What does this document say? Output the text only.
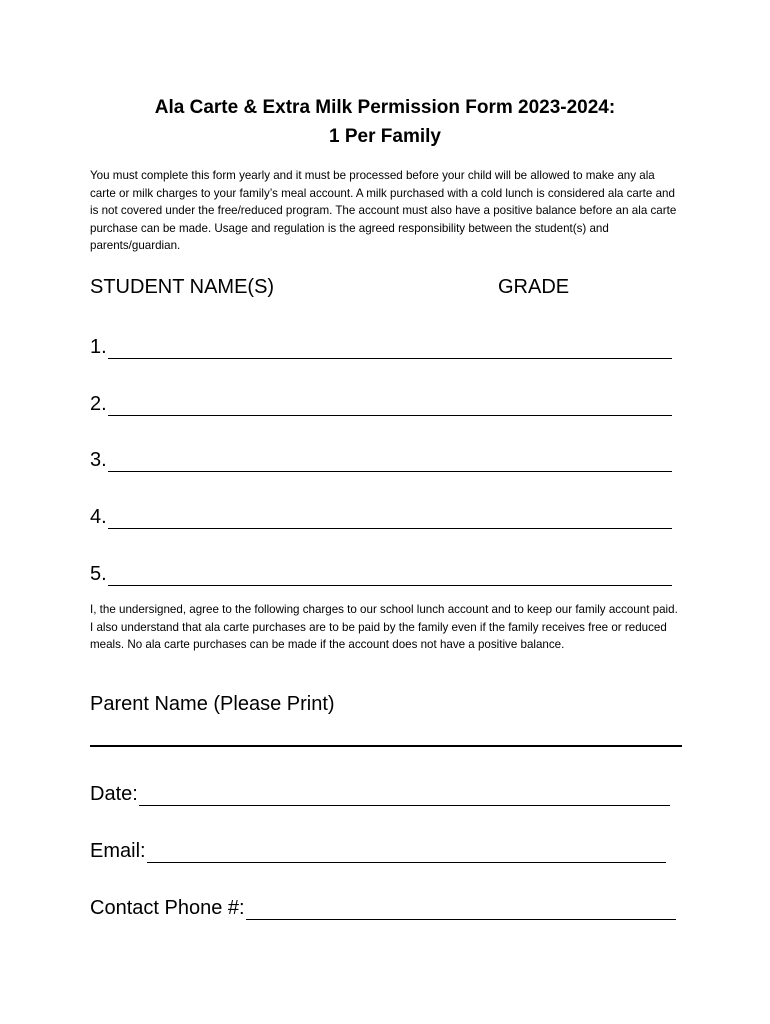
Ala Carte & Extra Milk Permission Form 2023-2024:
1 Per Family

You must complete this form yearly and it must be processed before your child will be allowed to make any ala carte or milk charges to your family’s meal account. A milk purchased with a cold lunch is considered ala carte and is not covered under the free/reduced program. The account must also have a positive balance before an ala carte purchase can be made. Usage and regulation is the agreed responsibility between the student(s) and parents/guardian.

STUDENT NAME(S)	GRADE
1.
2.
3.
4.
5.

I, the undersigned, agree to the following charges to our school lunch account and to keep our family account paid. I also understand that ala carte purchases are to be paid by the family even if the family receives free or reduced meals. No ala carte purchases can be made if the account does not have a positive balance.

Parent Name (Please Print)
Date:
Email:
Contact Phone #:
